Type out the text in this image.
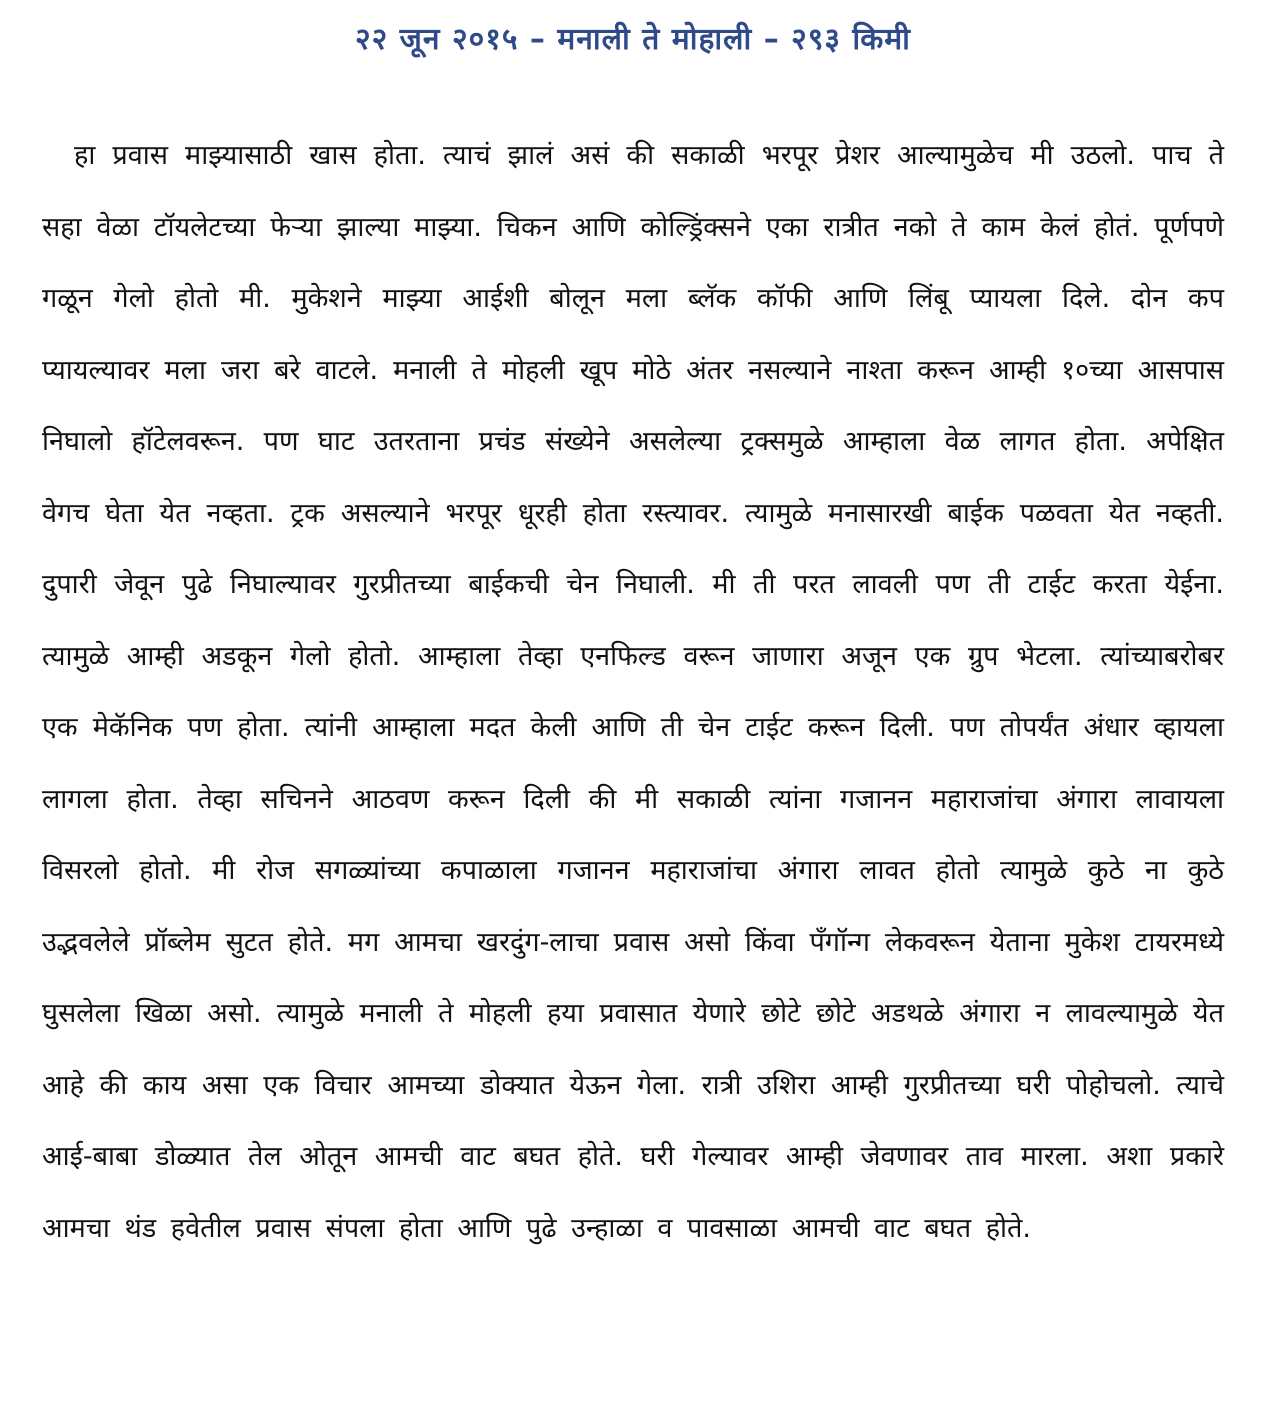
२२ जून २०१५ – मनाली ते मोहाली – २९३ किमी

हा प्रवास माझ्यासाठी खास होता. त्याचं झालं असं की सकाळी भरपूर प्रेशर आल्यामुळेच मी उठलो. पाच ते सहा वेळा टॉयलेटच्या फेऱ्या झाल्या माझ्या. चिकन आणि कोल्ड्रिंक्सने एका रात्रीत नको ते काम केलं होतं. पूर्णपणे गळून गेलो होतो मी. मुकेशने माझ्या आईशी बोलून मला ब्लॅक कॉफी आणि लिंबू प्यायला दिले. दोन कप प्यायल्यावर मला जरा बरे वाटले. मनाली ते मोहली खूप मोठे अंतर नसल्याने नाश्ता करून आम्ही १०च्या आसपास निघालो हॉटेलवरून. पण घाट उतरताना प्रचंड संख्येने असलेल्या ट्रक्समुळे आम्हाला वेळ लागत होता. अपेक्षित वेगच घेता येत नव्हता. ट्रक असल्याने भरपूर धूरही होता रस्त्यावर. त्यामुळे मनासारखी बाईक पळवता येत नव्हती. दुपारी जेवून पुढे निघाल्यावर गुरप्रीतच्या बाईकची चेन निघाली. मी ती परत लावली पण ती टाईट करता येईना. त्यामुळे आम्ही अडकून गेलो होतो. आम्हाला तेव्हा एनफिल्ड वरून जाणारा अजून एक ग्रुप भेटला. त्यांच्याबरोबर एक मेकॅनिक पण होता. त्यांनी आम्हाला मदत केली आणि ती चेन टाईट करून दिली. पण तोपर्यंत अंधार व्हायला लागला होता. तेव्हा सचिनने आठवण करून दिली की मी सकाळी त्यांना गजानन महाराजांचा अंगारा लावायला विसरलो होतो. मी रोज सगळ्यांच्या कपाळाला गजानन महाराजांचा अंगारा लावत होतो त्यामुळे कुठे ना कुठे उद्भवलेले प्रॉब्लेम सुटत होते. मग आमचा खरदुंग-लाचा प्रवास असो किंवा पँगॉन्ग लेकवरून येताना मुकेश टायरमध्ये घुसलेला खिळा असो. त्यामुळे मनाली ते मोहली हया प्रवासात येणारे छोटे छोटे अडथळे अंगारा न लावल्यामुळे येत आहे की काय असा एक विचार आमच्या डोक्यात येऊन गेला. रात्री उशिरा आम्ही गुरप्रीतच्या घरी पोहोचलो. त्याचे आई-बाबा डोळ्यात तेल ओतून आमची वाट बघत होते. घरी गेल्यावर आम्ही जेवणावर ताव मारला. अशा प्रकारे आमचा थंड हवेतील प्रवास संपला होता आणि पुढे उन्हाळा व पावसाळा आमची वाट बघत होते.
